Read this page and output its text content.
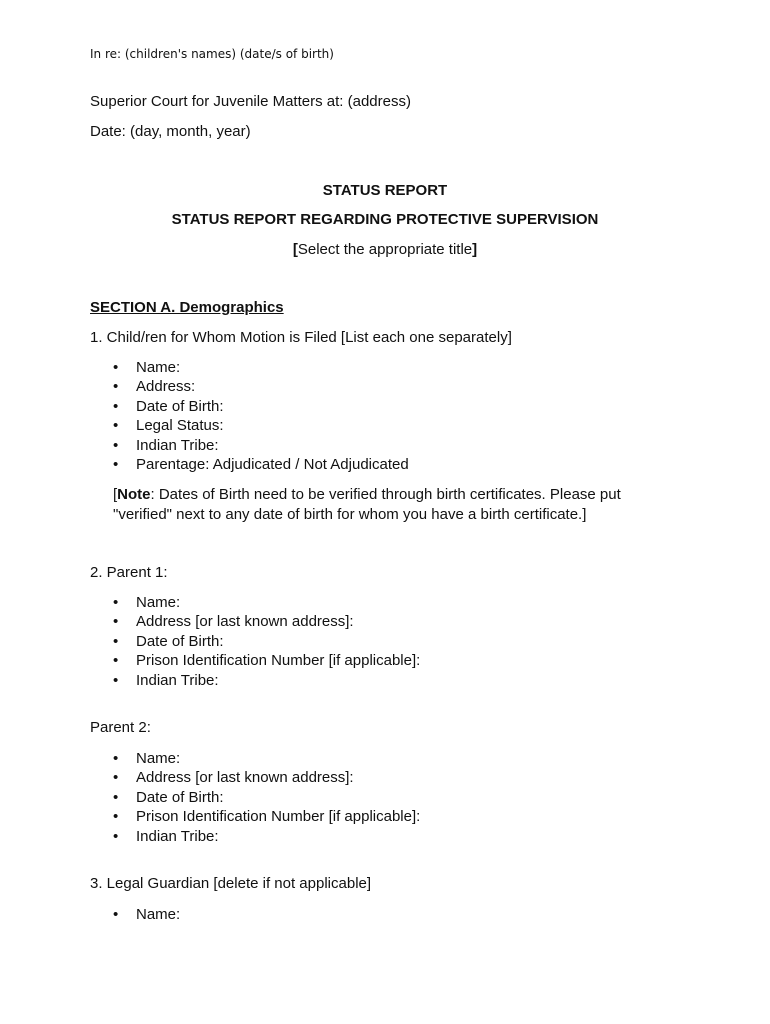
In re: (children's names) (date/s of birth)
Superior Court for Juvenile Matters at: (address)
Date: (day, month, year)
STATUS REPORT
STATUS REPORT REGARDING PROTECTIVE SUPERVISION
[Select the appropriate title]
SECTION A. Demographics
1. Child/ren for Whom Motion is Filed [List each one separately]
• Name:
• Address:
• Date of Birth:
• Legal Status:
• Indian Tribe:
• Parentage: Adjudicated / Not Adjudicated
[Note: Dates of Birth need to be verified through birth certificates. Please put "verified" next to any date of birth for whom you have a birth certificate.]
2. Parent 1:
• Name:
• Address [or last known address]:
• Date of Birth:
• Prison Identification Number [if applicable]:
• Indian Tribe:
Parent 2:
• Name:
• Address [or last known address]:
• Date of Birth:
• Prison Identification Number [if applicable]:
• Indian Tribe:
3. Legal Guardian [delete if not applicable]
• Name:
